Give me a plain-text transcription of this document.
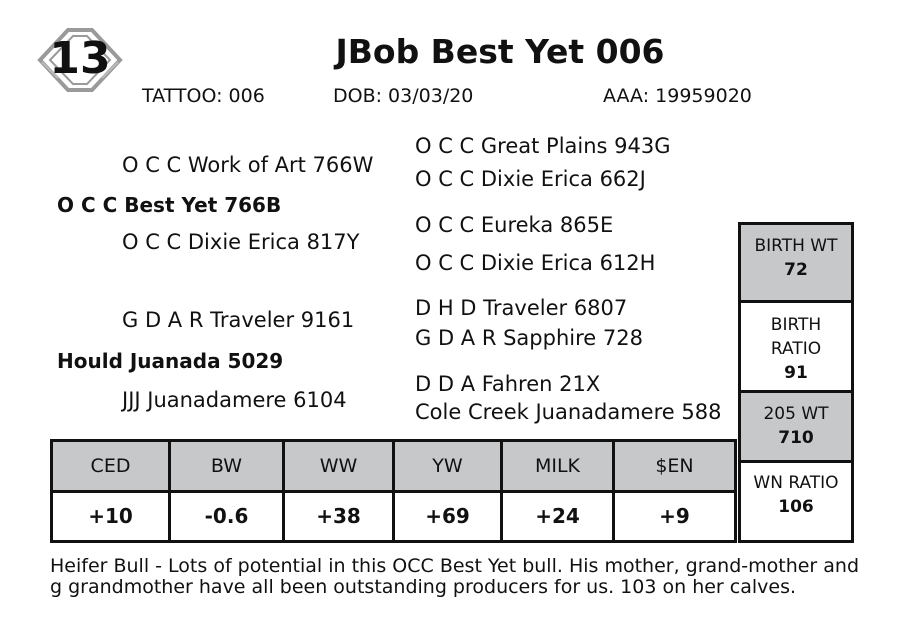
13	JBob Best Yet 006
TATTOO: 006	DOB: 03/03/20	AAA: 19959020
O C C Work of Art 766W
O C C Best Yet 766B
O C C Dixie Erica 817Y
O C C Great Plains 943G
O C C Dixie Erica 662J
O C C Eureka 865E
O C C Dixie Erica 612H
G D A R Traveler 9161
Hould Juanada 5029
JJJ Juanadamere 6104
D H D Traveler 6807
G D A R Sapphire 728
D D A Fahren 21X
Cole Creek Juanadamere 588
BIRTH WT
72
BIRTH
RATIO
91
205 WT
710
WN RATIO
106
CED	BW	WW	YW	MILK	$EN
+10	-0.6	+38	+69	+24	+9
Heifer Bull - Lots of potential in this OCC Best Yet bull. His mother, grand-mother and g grandmother have all been outstanding producers for us. 103 on her calves.
